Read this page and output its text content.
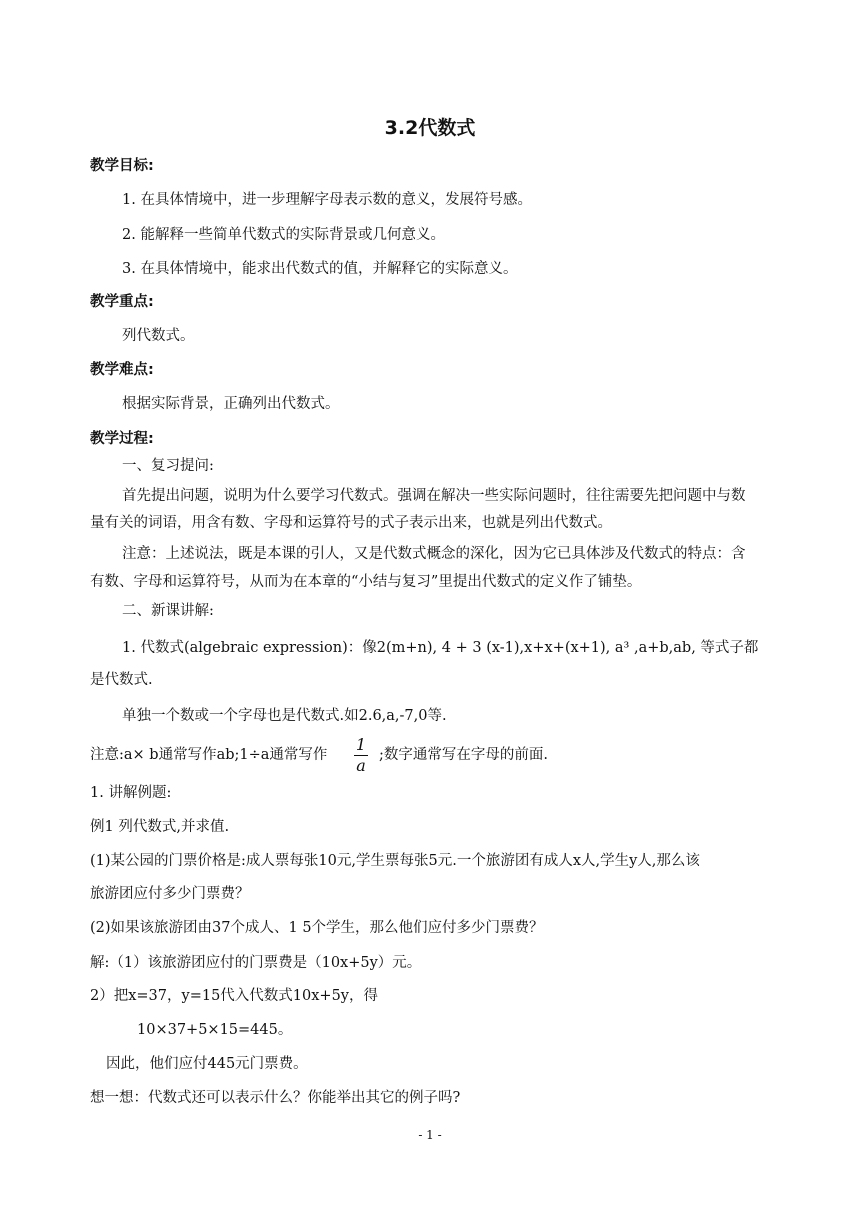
3.2代数式
教学目标:
1. 在具体情境中，进一步理解字母表示数的意义，发展符号感。
2. 能解释一些简单代数式的实际背景或几何意义。
3. 在具体情境中，能求出代数式的值，并解释它的实际意义。
教学重点:
列代数式。
教学难点:
根据实际背景，正确列出代数式。
教学过程:
一、复习提问:
首先提出问题，说明为什么要学习代数式。强调在解决一些实际问题时，往往需要先把问题中与数
量有关的词语，用含有数、字母和运算符号的式子表示出来，也就是列出代数式。
注意：上述说法，既是本课的引人，又是代数式概念的深化，因为它已具体涉及代数式的特点：含
有数、字母和运算符号，从而为在本章的“小结与复习”里提出代数式的定义作了铺垫。
二、新课讲解:
1. 代数式(algebraic expression)：像2(m+n), 4 + 3 (x-1),x+x+(x+1), a³ ,a+b,ab, 等式子都
是代数式.
单独一个数或一个字母也是代数式.如2.6,a,-7,0等.
注意:a× b通常写作ab;1÷a通常写作
1
a
;数字通常写在字母的前面.
1. 讲解例题:
例1 列代数式,并求值.
(1)某公园的门票价格是:成人票每张10元,学生票每张5元.一个旅游团有成人x人,学生y人,那么该
旅游团应付多少门票费？
(2)如果该旅游团由37个成人、1 5个学生，那么他们应付多少门票费？
解:（1）该旅游团应付的门票费是（10x+5y）元。
2）把x=37，y=15代入代数式10x+5y，得
10×37+5×15=445。
因此，他们应付445元门票费。
想一想：代数式还可以表示什么？你能举出其它的例子吗?
- 1 -
